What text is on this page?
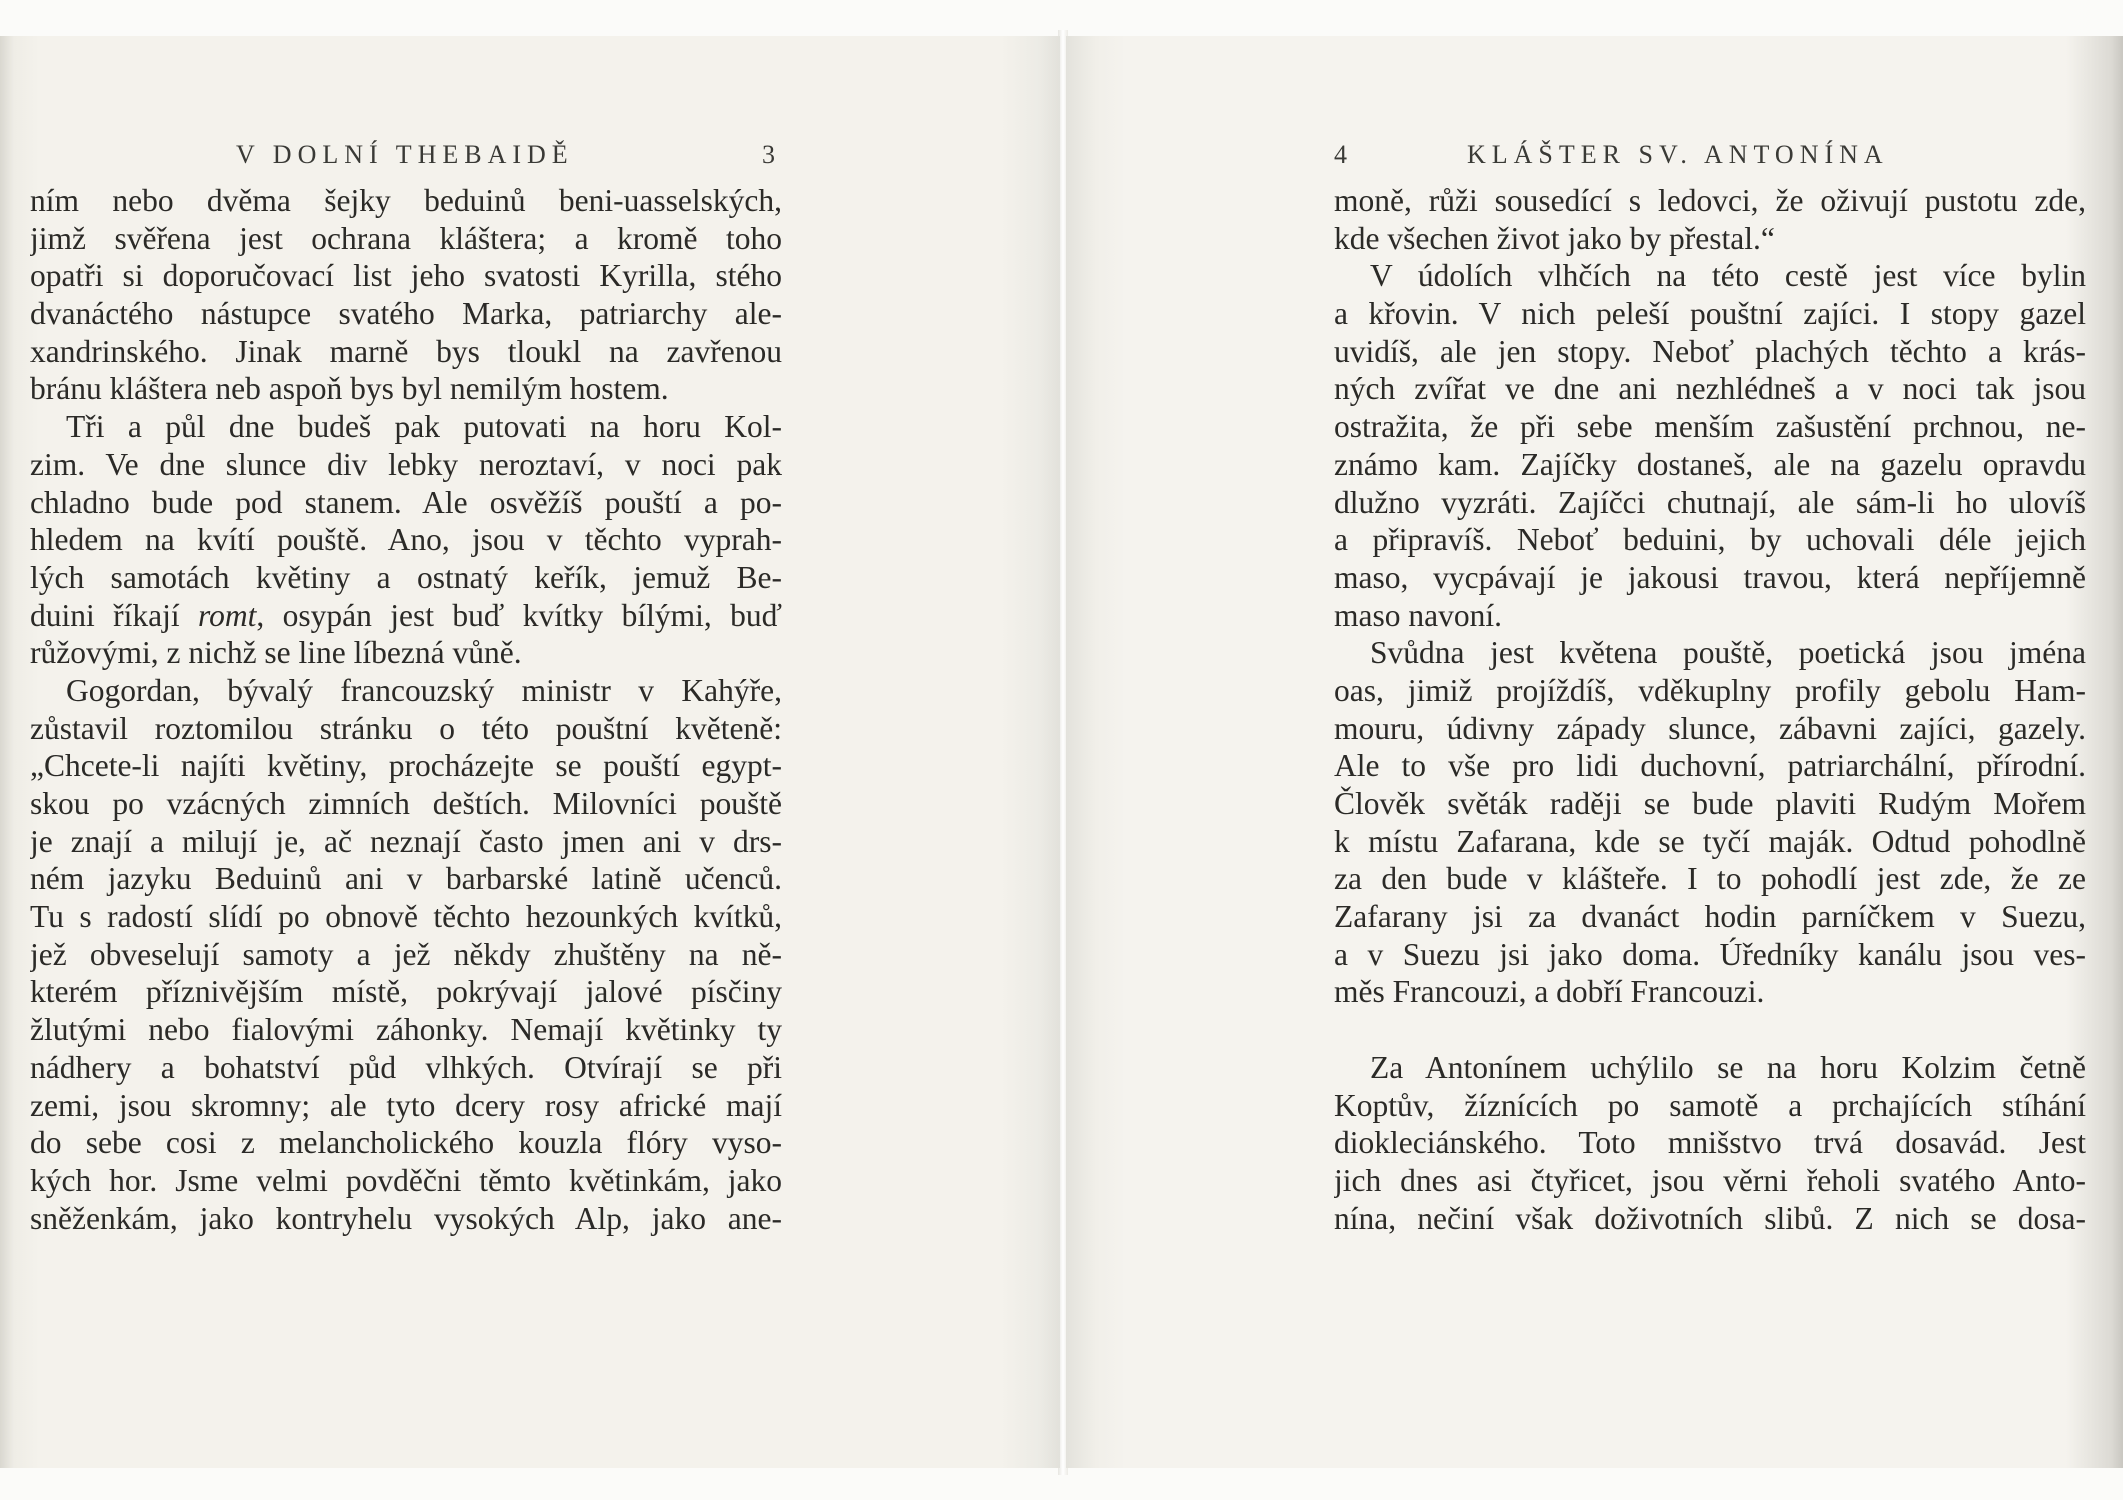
V DOLNÍ THEBAIDĚ	3
ním nebo dvěma šejky beduinů beni-uasselských,
jimž svěřena jest ochrana kláštera; a kromě toho
opatři si doporučovací list jeho svatosti Kyrilla, stého
dvanáctého nástupce svatého Marka, patriarchy ale-
xandrinského. Jinak marně bys tloukl na zavřenou
bránu kláštera neb aspoň bys byl nemilým hostem.
Tři a půl dne budeš pak putovati na horu Kol-
zim. Ve dne slunce div lebky neroztaví, v noci pak
chladno bude pod stanem. Ale osvěžíš pouští a po-
hledem na kvítí pouště. Ano, jsou v těchto vyprah-
lých samotách květiny a ostnatý keřík, jemuž Be-
duini říkají romt, osypán jest buď kvítky bílými, buď
růžovými, z nichž se line líbezná vůně.
Gogordan, bývalý francouzský ministr v Kahýře,
zůstavil roztomilou stránku o této pouštní květeně:
„Chcete-li najíti květiny, procházejte se pouští egypt-
skou po vzácných zimních deštích. Milovníci pouště
je znají a milují je, ač neznají často jmen ani v drs-
ném jazyku Beduinů ani v barbarské latině učenců.
Tu s radostí slídí po obnově těchto hezounkých kvítků,
jež obveselují samoty a jež někdy zhuštěny na ně-
kterém příznivějším místě, pokrývají jalové písčiny
žlutými nebo fialovými záhonky. Nemají květinky ty
nádhery a bohatství půd vlhkých. Otvírají se při
zemi, jsou skromny; ale tyto dcery rosy africké mají
do sebe cosi z melancholického kouzla flóry vyso-
kých hor. Jsme velmi povděčni těmto květinkám, jako
sněženkám, jako kontryhelu vysokých Alp, jako ane-
4	KLÁŠTER SV. ANTONÍNA
moně, růži sousedící s ledovci, že oživují pustotu zde,
kde všechen život jako by přestal.“
V údolích vlhčích na této cestě jest více bylin
a křovin. V nich peleší pouštní zajíci. I stopy gazel
uvidíš, ale jen stopy. Neboť plachých těchto a krás-
ných zvířat ve dne ani nezhlédneš a v noci tak jsou
ostražita, že při sebe menším zašustění prchnou, ne-
známo kam. Zajíčky dostaneš, ale na gazelu opravdu
dlužno vyzráti. Zajíčci chutnají, ale sám-li ho ulovíš
a připravíš. Neboť beduini, by uchovali déle jejich
maso, vycpávají je jakousi travou, která nepříjemně
maso navoní.
Svůdna jest květena pouště, poetická jsou jména
oas, jimiž projíždíš, vděkuplny profily gebolu Ham-
mouru, údivny západy slunce, zábavni zajíci, gazely.
Ale to vše pro lidi duchovní, patriarchální, přírodní.
Člověk světák raději se bude plaviti Rudým Mořem
k místu Zafarana, kde se tyčí maják. Odtud pohodlně
za den bude v klášteře. I to pohodlí jest zde, že ze
Zafarany jsi za dvanáct hodin parníčkem v Suezu,
a v Suezu jsi jako doma. Úředníky kanálu jsou ves-
měs Francouzi, a dobří Francouzi.
Za Antonínem uchýlilo se na horu Kolzim četně
Koptův, žíznících po samotě a prchajících stíhání
diokleciánského. Toto mnišstvo trvá dosavád. Jest
jich dnes asi čtyřicet, jsou věrni řeholi svatého Anto-
nína, nečiní však doživotních slibů. Z nich se dosa-
